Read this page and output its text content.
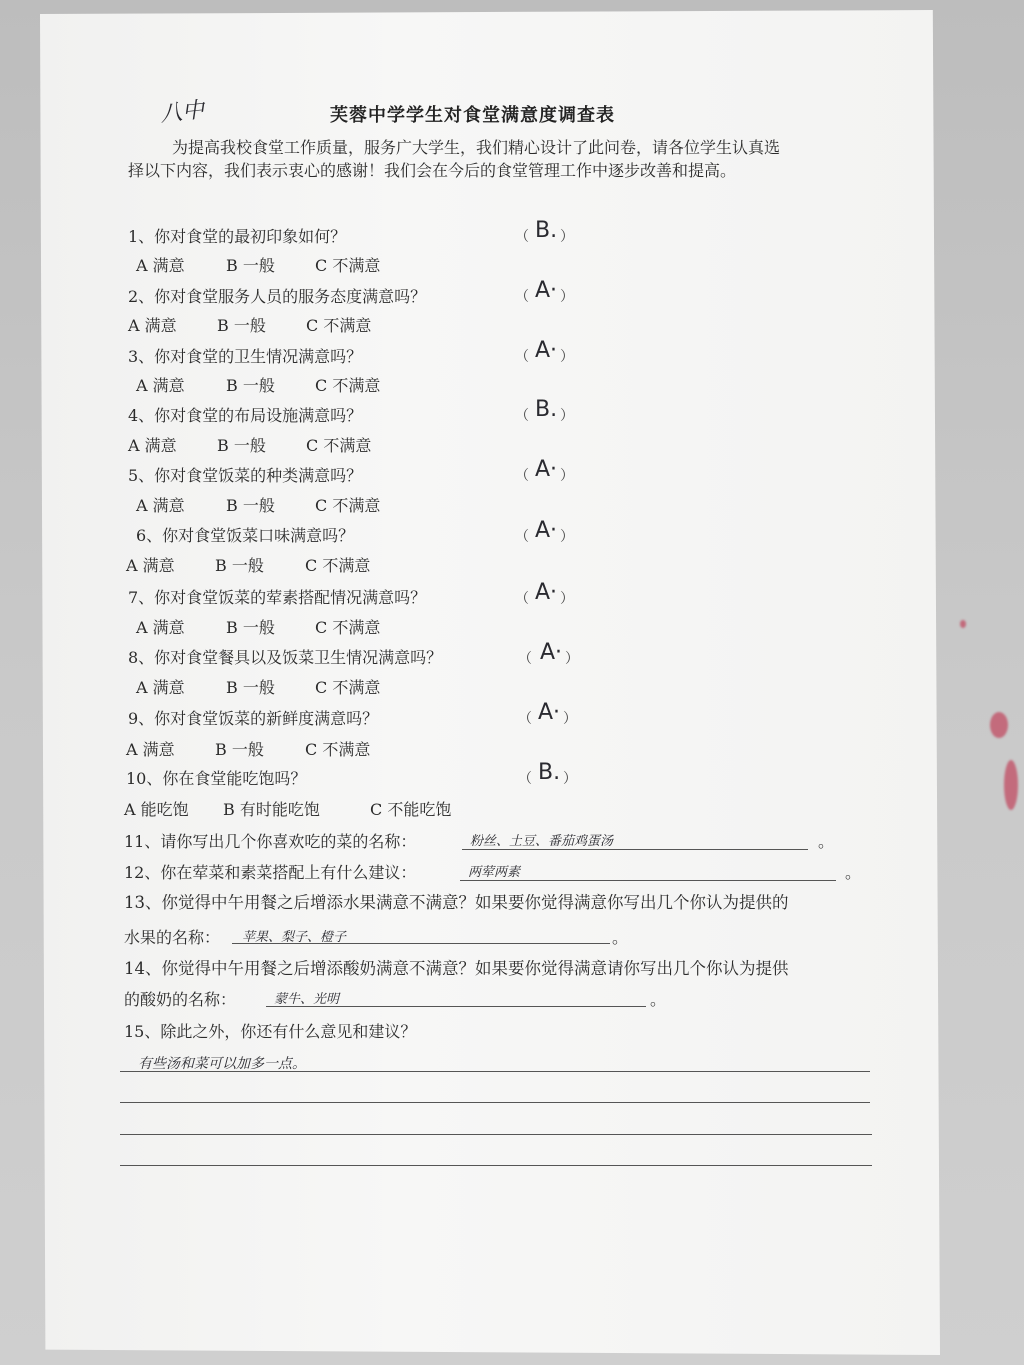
八中	芙蓉中学学生对食堂满意度调查表
为提高我校食堂工作质量，服务广大学生，我们精心设计了此问卷，请各位学生认真选
择以下内容，我们表示衷心的感谢！我们会在今后的食堂管理工作中逐步改善和提高。
1、你对食堂的最初印象如何？	（ B. ）
A 满意	B 一般	C 不满意
2、你对食堂服务人员的服务态度满意吗？	（ A· ）
A 满意	B 一般	C 不满意
3、你对食堂的卫生情况满意吗？	（ A· ）
A 满意	B 一般	C 不满意
4、你对食堂的布局设施满意吗？	（ B. ）
A 满意	B 一般	C 不满意
5、你对食堂饭菜的种类满意吗？	（ A· ）
A 满意	B 一般	C 不满意
6、你对食堂饭菜口味满意吗？	（ A· ）
A 满意	B 一般	C 不满意
7、你对食堂饭菜的荤素搭配情况满意吗？	（ A· ）
A 满意	B 一般	C 不满意
8、你对食堂餐具以及饭菜卫生情况满意吗？	（ A· ）
A 满意	B 一般	C 不满意
9、你对食堂饭菜的新鲜度满意吗？	（ A· ）
A 满意	B 一般	C 不满意
10、你在食堂能吃饱吗？	（ B. ）
A 能吃饱 B 有时能吃饱	C 不能吃饱
11、请你写出几个你喜欢吃的菜的名称：	粉丝、土豆、番茄鸡蛋汤	。
12、你在荤菜和素菜搭配上有什么建议：	两荤两素	。
13、你觉得中午用餐之后增添水果满意不满意？如果要你觉得满意你写出几个你认为提供的
水果的名称： 苹果、梨子、橙子	。
14、你觉得中午用餐之后增添酸奶满意不满意？如果要你觉得满意请你写出几个你认为提供
的酸奶的名称：	蒙牛、光明	。
15、除此之外，你还有什么意见和建议？
有些汤和菜可以加多一点。
